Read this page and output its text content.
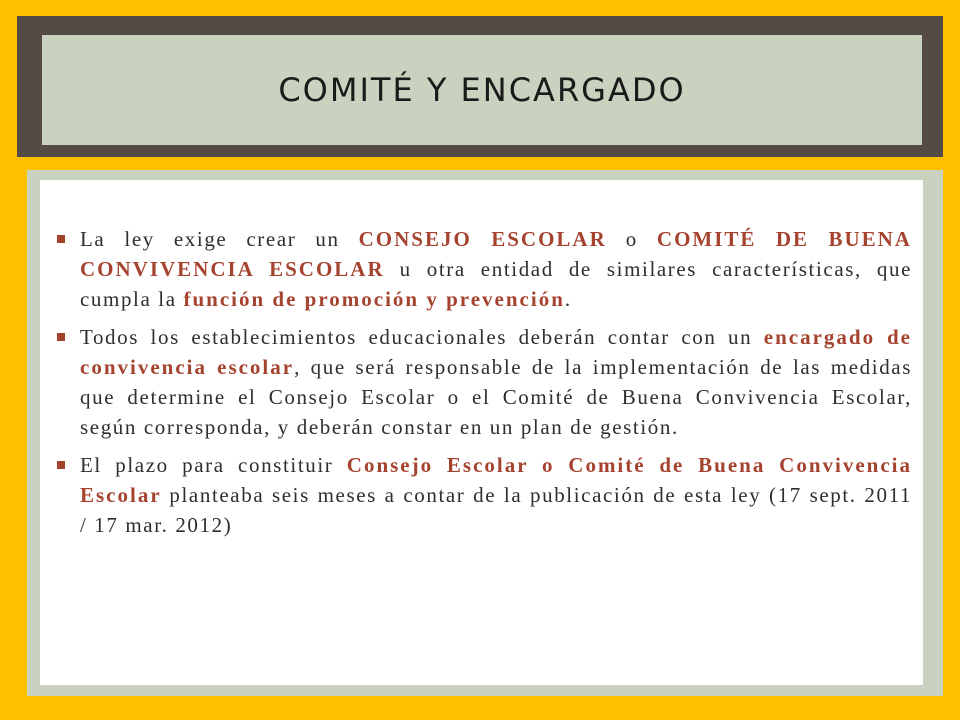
COMITÉ Y ENCARGADO
La ley exige crear un CONSEJO ESCOLAR o COMITÉ DE BUENA CONVIVENCIA ESCOLAR u otra entidad de similares características, que cumpla la función de promoción y prevención.
Todos los establecimientos educacionales deberán contar con un encargado de convivencia escolar, que será responsable de la implementación de las medidas que determine el Consejo Escolar o el Comité de Buena Convivencia Escolar, según corresponda, y deberán constar en un plan de gestión.
El plazo para constituir Consejo Escolar o Comité de Buena Convivencia Escolar planteaba seis meses a contar de la publicación de esta ley (17 sept. 2011 / 17 mar. 2012)
